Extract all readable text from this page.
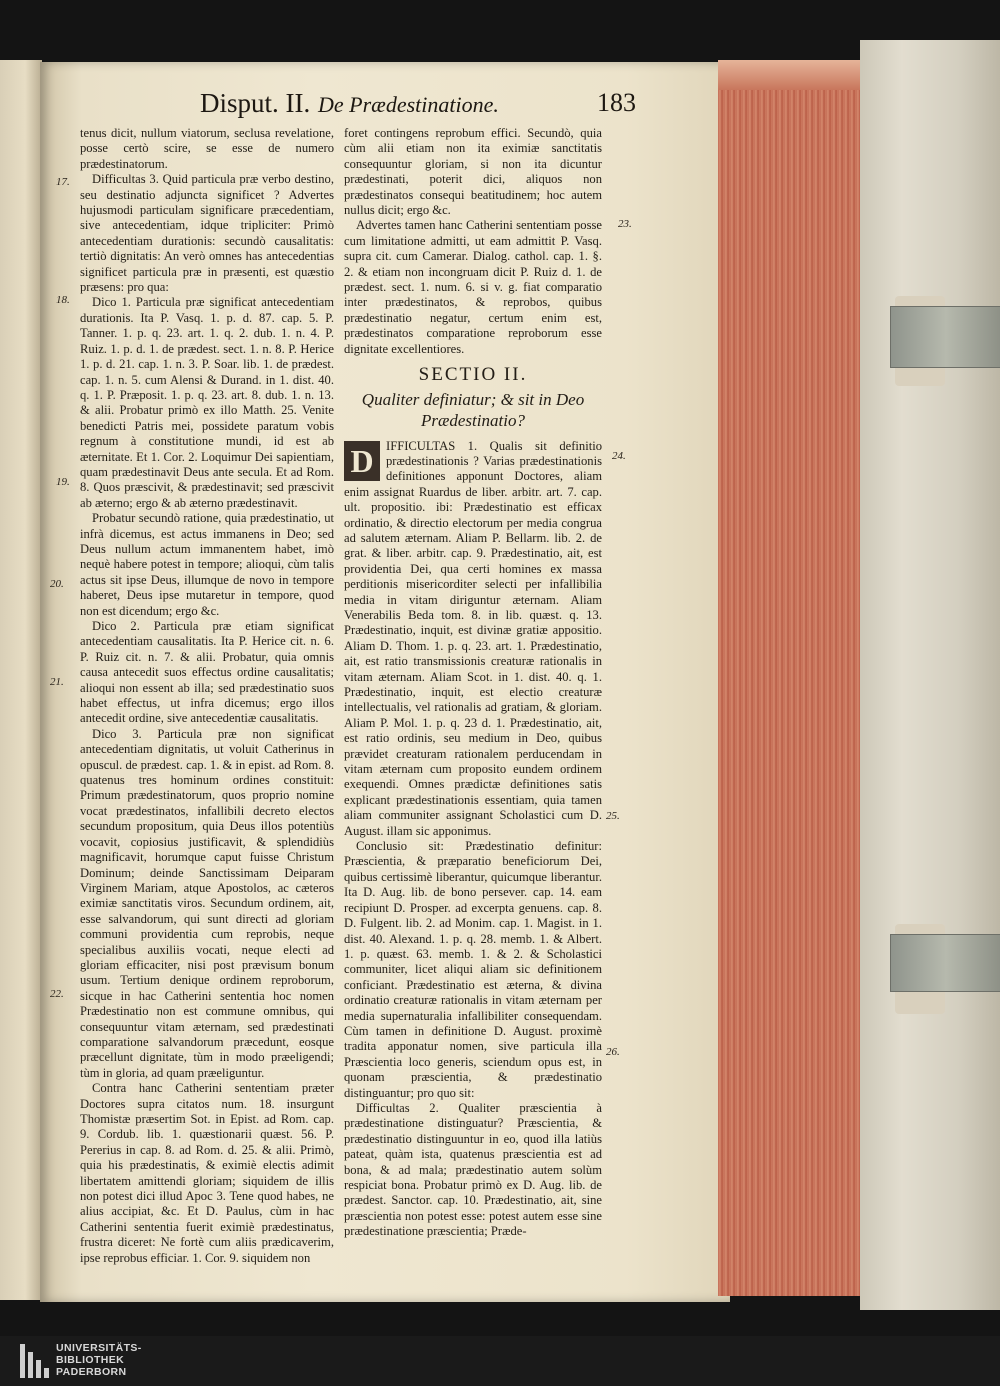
Disput. II. De Prædestinatione.	183

tenus dicit, nullum viatorum, seclusa revelatione, posse certò scire, se esse de numero prædestinatorum.

Difficultas 3. Quid particula præ verbo destino, seu destinatio adjuncta significet ? Advertes hujusmodi particulam significare præcedentiam, sive antecedentiam, idque tripliciter: Primò antecedentiam durationis: secundò causalitatis: tertiò dignitatis: An verò omnes has antecedentias significet particula præ in præsenti, est quæstio præsens: pro qua:

Dico 1. Particula præ significat antecedentiam durationis. Ita P. Vasq. 1. p. d. 87. cap. 5. P. Tanner. 1. p. q. 23. art. 1. q. 2. dub. 1. n. 4. P. Ruiz. 1. p. d. 1. de prædest. sect. 1. n. 8. P. Herice 1. p. d. 21. cap. 1. n. 3. P. Soar. lib. 1. de prædest. cap. 1. n. 5. cum Alensi & Durand. in 1. dist. 40. q. 1. P. Præposit. 1. p. q. 23. art. 8. dub. 1. n. 13. & alii. Probatur primò ex illo Matth. 25. Venite benedicti Patris mei, possidete paratum vobis regnum à constitutione mundi, id est ab æternitate. Et 1. Cor. 2. Loquimur Dei sapientiam, quam prædestinavit Deus ante secula. Et ad Rom. 8. Quos præscivit, & prædestinavit; sed præscivit ab æterno; ergo & ab æterno prædestinavit.

Probatur secundò ratione, quia prædestinatio, ut infrà dicemus, est actus immanens in Deo; sed Deus nullum actum immanentem habet, imò nequè habere potest in tempore; alioqui, cùm talis actus sit ipse Deus, illumque de novo in tempore haberet, Deus ipse mutaretur in tempore, quod non est dicendum; ergo &c.

Dico 2. Particula præ etiam significat antecedentiam causalitatis. Ita P. Herice cit. n. 6. P. Ruiz cit. n. 7. & alii. Probatur, quia omnis causa antecedit suos effectus ordine causalitatis; alioqui non essent ab illa; sed prædestinatio suos habet effectus, ut infra dicemus; ergo illos antecedit ordine, sive antecedentiæ causalitatis.

Dico 3. Particula præ non significat antecedentiam dignitatis, ut voluit Catherinus in opuscul. de prædest. cap. 1. & in epist. ad Rom. 8. quatenus tres hominum ordines constituit: Primum prædestinatorum, quos proprio nomine vocat prædestinatos, infallibili decreto electos secundum propositum, quia Deus illos potentiùs vocavit, copiosius justificavit, & splendidiùs magnificavit, horumque caput fuisse Christum Dominum; deinde Sanctissimam Deiparam Virginem Mariam, atque Apostolos, ac cæteros eximiæ sanctitatis viros. Secundum ordinem, ait, esse salvandorum, qui sunt directi ad gloriam communi providentia cum reprobis, neque specialibus auxiliis vocati, neque electi ad gloriam efficaciter, nisi post prævisum bonum usum. Tertium denique ordinem reproborum, sicque in hac Catherini sententia hoc nomen Prædestinatio non est commune omnibus, qui consequuntur vitam æternam, sed prædestinati comparatione salvandorum præcedunt, eosque præcellunt dignitate, tùm in modo præeligendi; tùm in gloria, ad quam præeliguntur.

Contra hanc Catherini sententiam præter Doctores supra citatos num. 18. insurgunt Thomistæ præsertim Sot. in Epist. ad Rom. cap. 9. Cordub. lib. 1. quæstionarii quæst. 56. P. Pererius in cap. 8. ad Rom. d. 25. & alii. Primò, quia his prædestinatis, & eximiè electis adimit libertatem amittendi gloriam; siquidem de illis non potest dici illud Apoc 3. Tene quod habes, ne alius accipiat, &c. Et D. Paulus, cùm in hac Catherini sententia fuerit eximiè prædestinatus, frustra diceret: Ne fortè cum aliis prædicaverim, ipse reprobus efficiar. 1. Cor. 9. siquidem non

17.
18.
19.
20.
21.
22.

foret contingens reprobum effici. Secundò, quia cùm alii etiam non ita eximiæ sanctitatis consequuntur gloriam, si non ita dicuntur prædestinati, poterit dici, aliquos non prædestinatos consequi beatitudinem; hoc autem nullus dicit; ergo &c.

Advertes tamen hanc Catherini sententiam posse cum limitatione admitti, ut eam admittit P. Vasq. supra cit. cum Camerar. Dialog. cathol. cap. 1. §. 2. & etiam non incongruam dicit P. Ruiz d. 1. de prædest. sect. 1. num. 6. si v. g. fiat comparatio inter prædestinatos, & reprobos, quibus prædestinatio negatur, certum enim est, prædestinatos comparatione reproborum esse dignitate excellentiores.

SECTIO II.
Qualiter definiatur; & sit in Deo Prædestinatio?

D IFFICULTAS 1. Qualis sit definitio prædestinationis ? Varias prædestinationis definitiones apponunt Doctores, aliam enim assignat Ruardus de liber. arbitr. art. 7. cap. ult. propositio. ibi: Prædestinatio est efficax ordinatio, & directio electorum per media congrua ad salutem æternam. Aliam P. Bellarm. lib. 2. de grat. & liber. arbitr. cap. 9. Prædestinatio, ait, est providentia Dei, qua certi homines ex massa perditionis misericorditer selecti per infallibilia media in vitam diriguntur æternam. Aliam Venerabilis Beda tom. 8. in lib. quæst. q. 13. Prædestinatio, inquit, est divinæ gratiæ appositio. Aliam D. Thom. 1. p. q. 23. art. 1. Prædestinatio, ait, est ratio transmissionis creaturæ rationalis in vitam æternam. Aliam Scot. in 1. dist. 40. q. 1. Prædestinatio, inquit, est electio creaturæ intellectualis, vel rationalis ad gratiam, & gloriam. Aliam P. Mol. 1. p. q. 23 d. 1. Prædestinatio, ait, est ratio ordinis, seu medium in Deo, quibus prævidet creaturam rationalem perducendam in vitam æternam cum proposito eundem ordinem exequendi. Omnes prædictæ definitiones satis explicant prædestinationis essentiam, quia tamen aliam communiter assignant Scholastici cum D. August. illam sic apponimus.

Conclusio sit: Prædestinatio definitur: Præscientia, & præparatio beneficiorum Dei, quibus certissimè liberantur, quicumque liberantur. Ita D. Aug. lib. de bono persever. cap. 14. eam recipiunt D. Prosper. ad excerpta genuens. cap. 8. D. Fulgent. lib. 2. ad Monim. cap. 1. Magist. in 1. dist. 40. Alexand. 1. p. q. 28. memb. 1. & Albert. 1. p. quæst. 63. memb. 1. & 2. & Scholastici communiter, licet aliqui aliam sic definitionem conficiant. Prædestinatio est æterna, & divina ordinatio creaturæ rationalis in vitam æternam per media supernaturalia infallibiliter consequendam. Cùm tamen in definitione D. August. proximè tradita apponatur nomen, sive particula illa Præscientia loco generis, sciendum opus est, in quonam præscientia, & prædestinatio distinguantur; pro quo sit:

Difficultas 2. Qualiter præscientia à prædestinatione distinguatur? Præscientia, & prædestinatio distinguuntur in eo, quod illa latiùs pateat, quàm ista, quatenus præscientia est ad bona, & ad mala; prædestinatio autem solùm respiciat bona. Probatur primò ex D. Aug. lib. de prædest. Sanctor. cap. 10. Prædestinatio, ait, sine præscientia non potest esse: potest autem esse sine prædestinatione præscientia; Præde-

23.
24.
25.
26.
UNIVERSITÄTS-
BIBLIOTHEK
PADERBORN
